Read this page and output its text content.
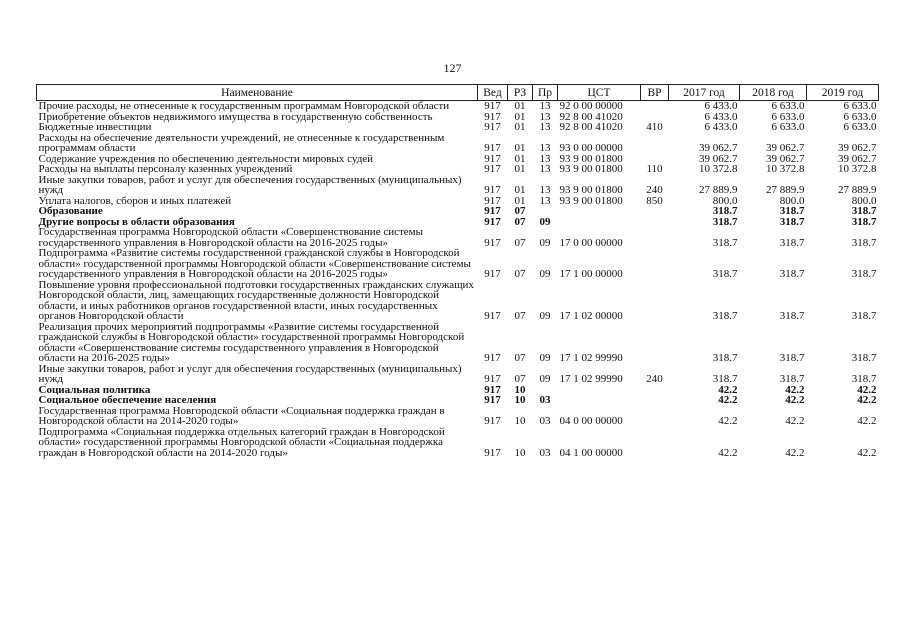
127
Наименование	Вед	РЗ	Пр	ЦСТ	ВР	2017 год	2018 год	2019 год
Прочие расходы, не отнесенные к государственным программам Новгородской области	917	01	13	92 0 00 00000		6 433.0	6 633.0	6 633.0
Приобретение объектов недвижимого имущества в государственную собственность	917	01	13	92 8 00 41020		6 433.0	6 633.0	6 633.0
Бюджетные инвестиции	917	01	13	92 8 00 41020	410	6 433.0	6 633.0	6 633.0
Расходы на обеспечение деятельности учреждений, не отнесенные к государственным программам области	917	01	13	93 0 00 00000		39 062.7	39 062.7	39 062.7
Содержание учреждения по обеспечению деятельности мировых судей	917	01	13	93 9 00 01800		39 062.7	39 062.7	39 062.7
Расходы на выплаты персоналу казенных учреждений	917	01	13	93 9 00 01800	110	10 372.8	10 372.8	10 372.8
Иные закупки товаров, работ и услуг для обеспечения государственных (муниципальных) нужд	917	01	13	93 9 00 01800	240	27 889.9	27 889.9	27 889.9
Уплата налогов, сборов и иных платежей	917	01	13	93 9 00 01800	850	800.0	800.0	800.0
Образование	917	07				318.7	318.7	318.7
Другие вопросы в области образования	917	07	09			318.7	318.7	318.7
Государственная программа Новгородской области «Совершенствование системы государственного управления в Новгородской области на 2016-2025 годы»	917	07	09	17 0 00 00000		318.7	318.7	318.7
Подпрограмма «Развитие системы государственной гражданской службы в Новгородской области» государственной программы Новгородской области «Совершенствование системы государственного управления в Новгородской области на 2016-2025 годы»	917	07	09	17 1 00 00000		318.7	318.7	318.7
Повышение уровня профессиональной подготовки государственных гражданских служащих Новгородской области, лиц, замещающих государственные должности Новгородской области, и иных работников органов государственной власти, иных государственных органов Новгородской области	917	07	09	17 1 02 00000		318.7	318.7	318.7
Реализация прочих мероприятий подпрограммы «Развитие системы государственной гражданской службы в Новгородской области» государственной программы Новгородской области «Совершенствование системы государственного управления в Новгородской области на 2016-2025 годы»	917	07	09	17 1 02 99990		318.7	318.7	318.7
Иные закупки товаров, работ и услуг для обеспечения государственных (муниципальных) нужд	917	07	09	17 1 02 99990	240	318.7	318.7	318.7
Социальная политика	917	10				42.2	42.2	42.2
Социальное обеспечение населения	917	10	03			42.2	42.2	42.2
Государственная программа Новгородской области «Социальная поддержка граждан в Новгородской области на 2014-2020 годы»	917	10	03	04 0 00 00000		42.2	42.2	42.2
Подпрограмма «Социальная поддержка отдельных категорий граждан в Новгородской области» государственной программы Новгородской области «Социальная поддержка граждан в Новгородской области на 2014-2020 годы»	917	10	03	04 1 00 00000		42.2	42.2	42.2
